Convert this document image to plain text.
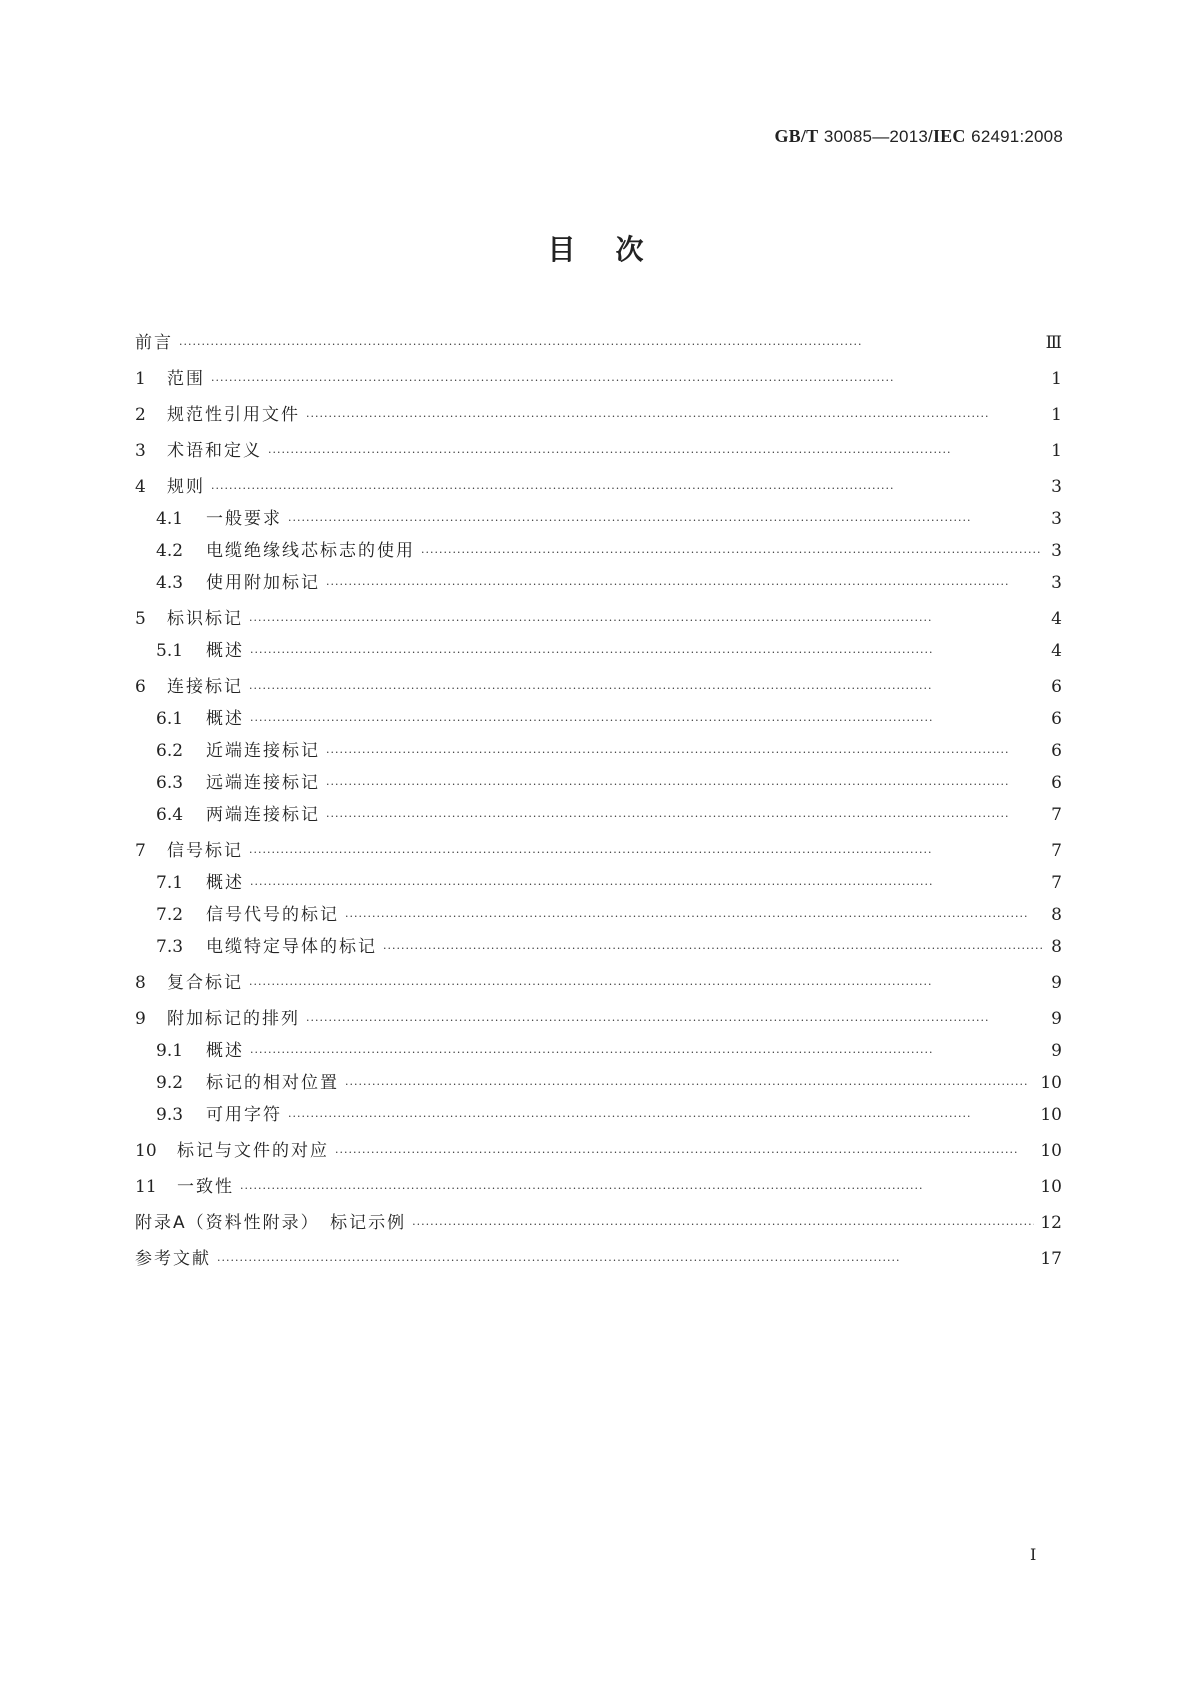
GB/T 30085—2013/IEC 62491:2008
目次
前言 ·····	Ⅲ
1	范围 ·····	1
2	规范性引用文件 ·····	1
3	术语和定义 ·····	1
4	规则 ·····	3
4.1	一般要求 ·····	3
4.2	电缆绝缘线芯标志的使用 ·····	3
4.3	使用附加标记 ·····	3
5	标识标记 ·····	4
5.1	概述 ·····	4
6	连接标记 ·····	6
6.1	概述 ·····	6
6.2	近端连接标记 ·····	6
6.3	远端连接标记 ·····	6
6.4	两端连接标记 ·····	7
7	信号标记 ·····	7
7.1	概述 ·····	7
7.2	信号代号的标记 ·····	8
7.3	电缆特定导体的标记 ·····	8
8	复合标记 ·····	9
9	附加标记的排列 ·····	9
9.1	概述 ·····	9
9.2	标记的相对位置 ·····	10
9.3	可用字符 ·····	10
10	标记与文件的对应 ·····	10
11	一致性 ·····	10
附录A（资料性附录）　标记示例 ·····	12
参考文献 ·····	17
I
